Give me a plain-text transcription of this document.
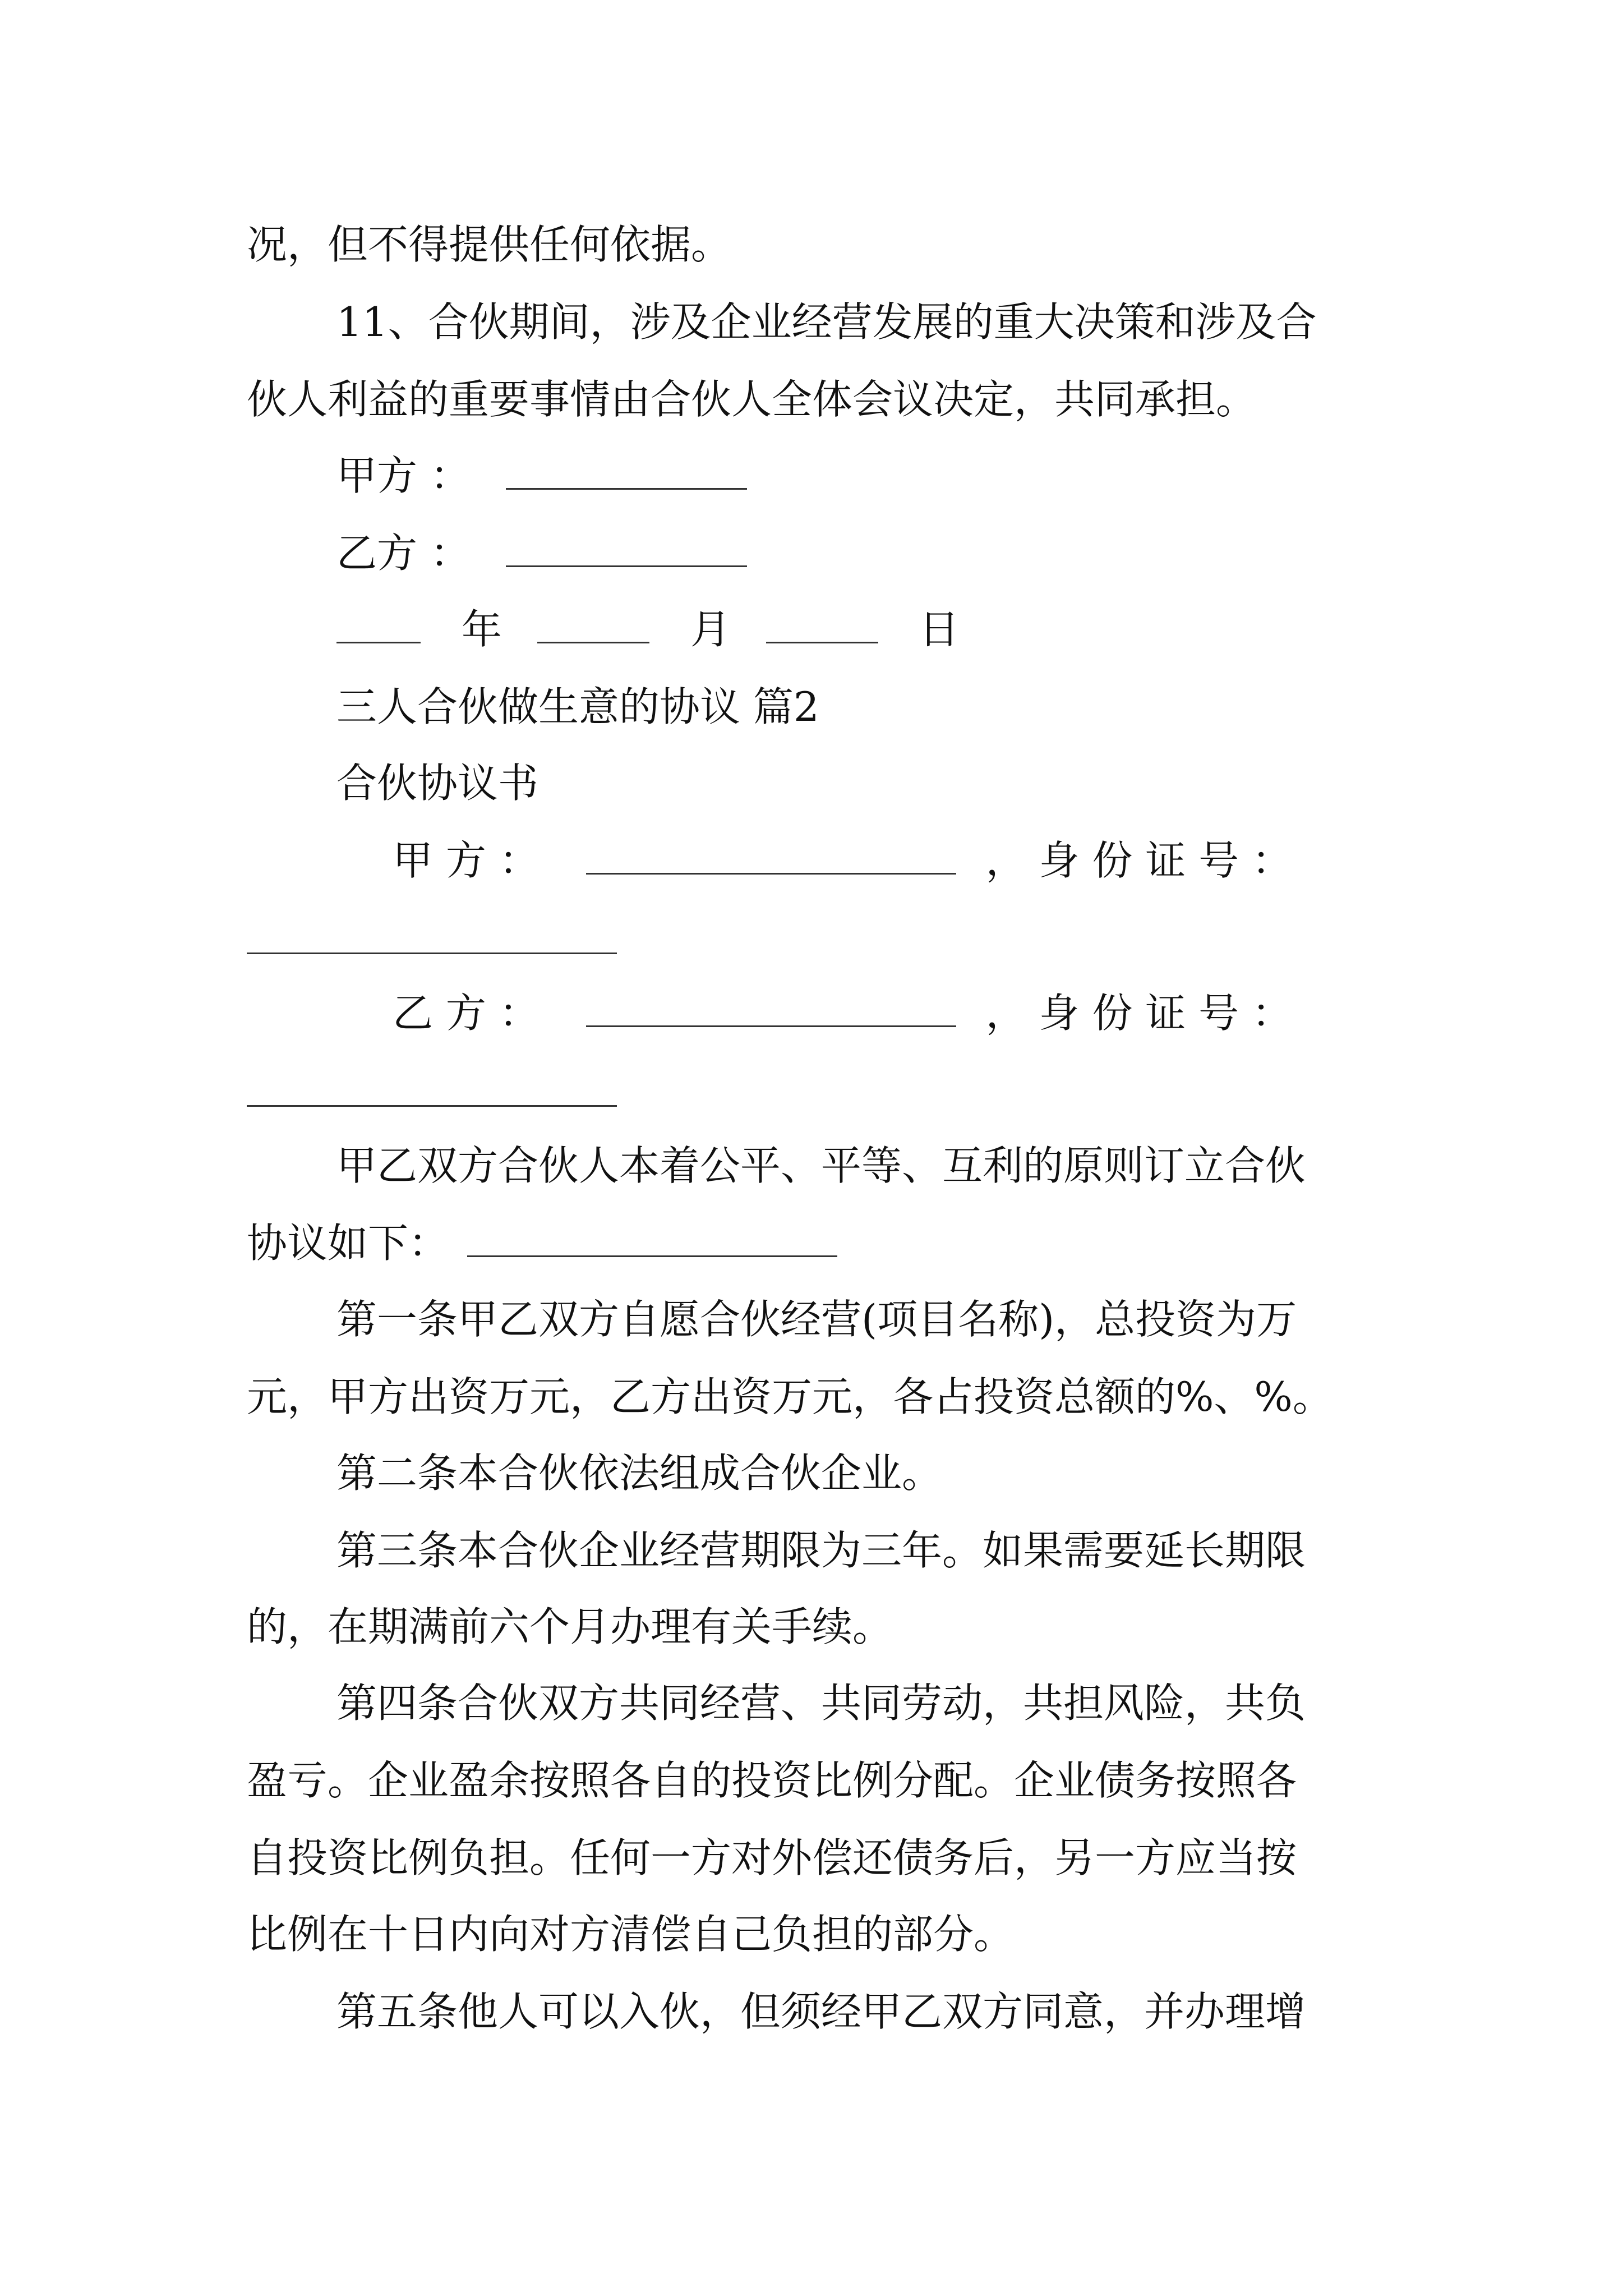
况，但不得提供任何依据。

11、合伙期间，涉及企业经营发展的重大决策和涉及合

伙人利益的重要事情由合伙人全体会议决定，共同承担。

甲方 ：

乙方 ：

年	月	日

三人合伙做生意的协议 篇2

合伙协议书

甲 方 ：	， 身 份 证 号 ：

乙 方 ：	， 身 份 证 号 ：

甲乙双方合伙人本着公平、平等、互利的原则订立合伙

协议如下：

第一条甲乙双方自愿合伙经营(项目名称)，总投资为万

元，甲方出资万元，乙方出资万元，各占投资总额的%、%。

第二条本合伙依法组成合伙企业。

第三条本合伙企业经营期限为三年。如果需要延长期限

的，在期满前六个月办理有关手续。

第四条合伙双方共同经营、共同劳动，共担风险，共负

盈亏。企业盈余按照各自的投资比例分配。企业债务按照各

自投资比例负担。任何一方对外偿还债务后，另一方应当按

比例在十日内向对方清偿自己负担的部分。

第五条他人可以入伙，但须经甲乙双方同意，并办理增
